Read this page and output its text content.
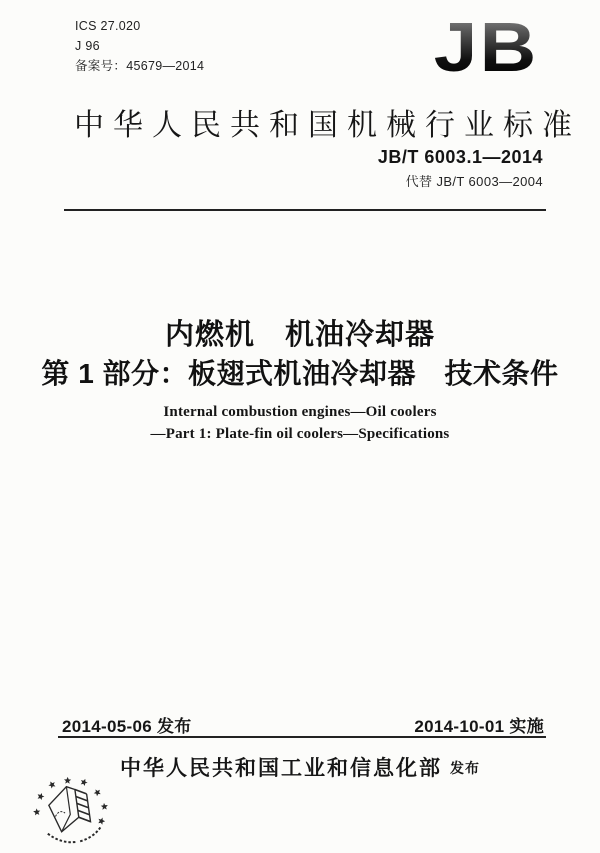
ICS 27.020
J 96
备案号：45679—2014	JB
中华人民共和国机械行业标准
JB/T 6003.1—2014
代替 JB/T 6003—2004
内燃机　机油冷却器
第 1 部分：板翅式机油冷却器　技术条件
Internal combustion engines—Oil coolers
—Part 1: Plate-fin oil coolers—Specifications
2014-05-06 发布	2014-10-01 实施
中华人民共和国工业和信息化部 发布
